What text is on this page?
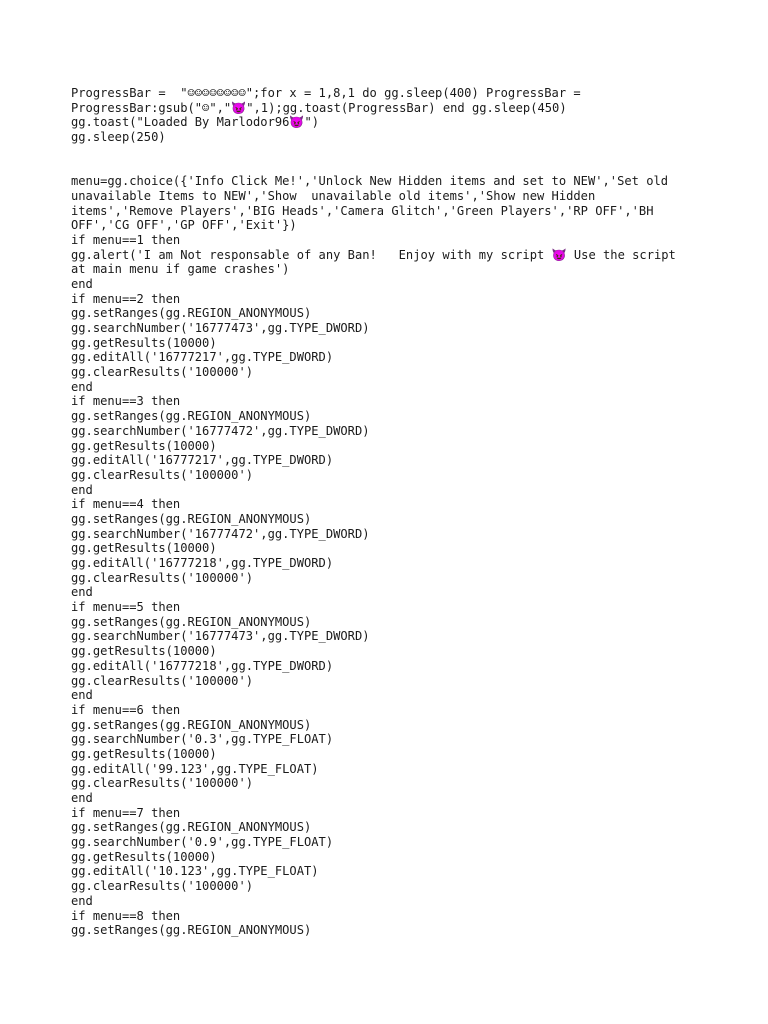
ProgressBar =  "☺☺☺☺☺☺☺☺";for x = 1,8,1 do gg.sleep(400) ProgressBar =
ProgressBar:gsub("☺","😈",1);gg.toast(ProgressBar) end gg.sleep(450)
gg.toast("Loaded By Marlodor96😈")
gg.sleep(250)
menu=gg.choice({'Info Click Me!','Unlock New Hidden items and set to NEW','Set old
unavailable Items to NEW','Show  unavailable old items','Show new Hidden
items','Remove Players','BIG Heads','Camera Glitch','Green Players','RP OFF','BH
OFF','CG OFF','GP OFF','Exit'})
if menu==1 then
gg.alert('I am Not responsable of any Ban!   Enjoy with my script 😈 Use the script
at main menu if game crashes')
end
if menu==2 then
gg.setRanges(gg.REGION_ANONYMOUS)
gg.searchNumber('16777473',gg.TYPE_DWORD)
gg.getResults(10000)
gg.editAll('16777217',gg.TYPE_DWORD)
gg.clearResults('100000')
end
if menu==3 then
gg.setRanges(gg.REGION_ANONYMOUS)
gg.searchNumber('16777472',gg.TYPE_DWORD)
gg.getResults(10000)
gg.editAll('16777217',gg.TYPE_DWORD)
gg.clearResults('100000')
end
if menu==4 then
gg.setRanges(gg.REGION_ANONYMOUS)
gg.searchNumber('16777472',gg.TYPE_DWORD)
gg.getResults(10000)
gg.editAll('16777218',gg.TYPE_DWORD)
gg.clearResults('100000')
end
if menu==5 then
gg.setRanges(gg.REGION_ANONYMOUS)
gg.searchNumber('16777473',gg.TYPE_DWORD)
gg.getResults(10000)
gg.editAll('16777218',gg.TYPE_DWORD)
gg.clearResults('100000')
end
if menu==6 then
gg.setRanges(gg.REGION_ANONYMOUS)
gg.searchNumber('0.3',gg.TYPE_FLOAT)
gg.getResults(10000)
gg.editAll('99.123',gg.TYPE_FLOAT)
gg.clearResults('100000')
end
if menu==7 then
gg.setRanges(gg.REGION_ANONYMOUS)
gg.searchNumber('0.9',gg.TYPE_FLOAT)
gg.getResults(10000)
gg.editAll('10.123',gg.TYPE_FLOAT)
gg.clearResults('100000')
end
if menu==8 then
gg.setRanges(gg.REGION_ANONYMOUS)
